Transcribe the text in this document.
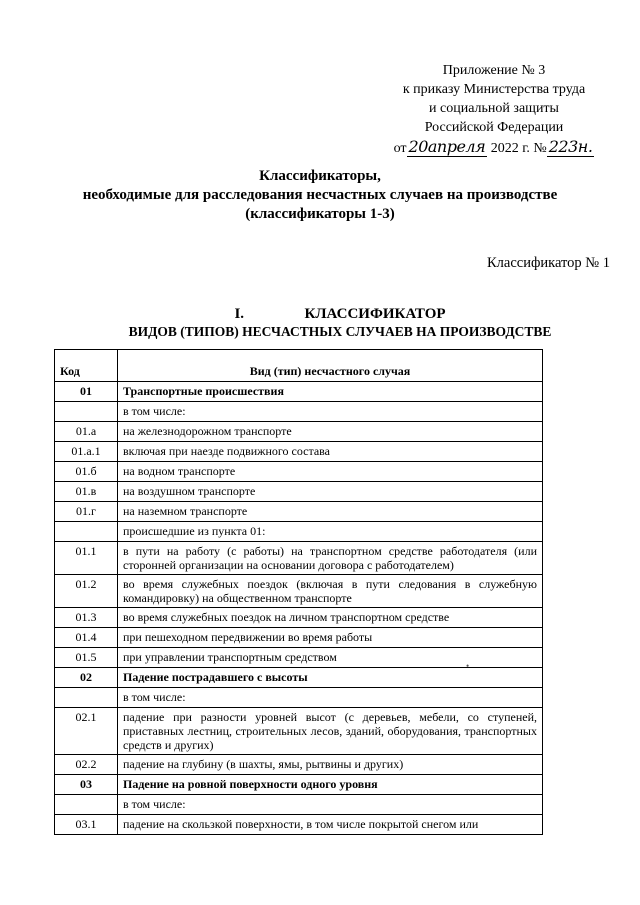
Приложение № 3
к приказу Министерства труда
и социальной защиты
Российской Федерации
от 20апреля 2022 г. № 223н.
Классификаторы,
необходимые для расследования несчастных случаев на производстве
(классификаторы 1-3)
Классификатор № 1
I.	КЛАССИФИКАТОР
ВИДОВ (ТИПОВ) НЕСЧАСТНЫХ СЛУЧАЕВ НА ПРОИЗВОДСТВЕ
Код	Вид (тип) несчастного случая
01	Транспортные происшествия
	в том числе:
01.а	на железнодорожном транспорте
01.а.1	включая при наезде подвижного состава
01.б	на водном транспорте
01.в	на воздушном транспорте
01.г	на наземном транспорте
	происшедшие из пункта 01:
01.1	в пути на работу (с работы) на транспортном средстве работодателя (или сторонней организации на основании договора с работодателем)
01.2	во время служебных поездок (включая в пути следования в служебную командировку) на общественном транспорте
01.3	во время служебных поездок на личном транспортном средстве
01.4	при пешеходном передвижении во время работы
01.5	при управлении транспортным средством
02	Падение пострадавшего с высоты
	в том числе:
02.1	падение при разности уровней высот (с деревьев, мебели, со ступеней, приставных лестниц, строительных лесов, зданий, оборудования, транспортных средств и других)
02.2	падение на глубину (в шахты, ямы, рытвины и других)
03	Падение на ровной поверхности одного уровня
	в том числе:
03.1	падение на скользкой поверхности, в том числе покрытой снегом или
•
